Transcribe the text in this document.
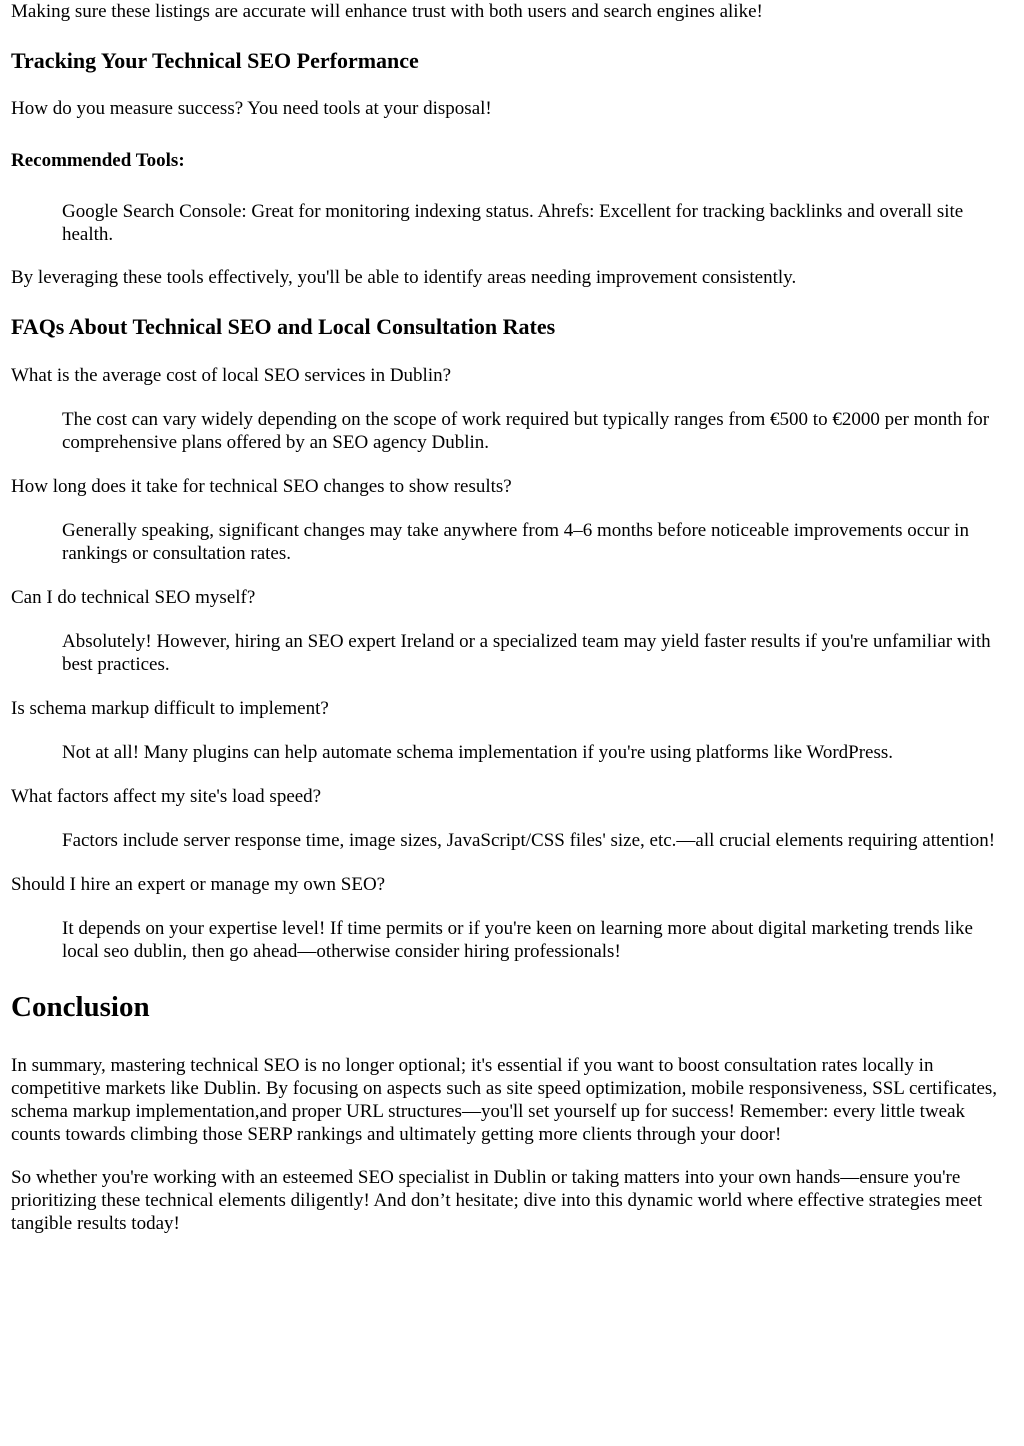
Making sure these listings are accurate will enhance trust with both users and search engines alike!

Tracking Your Technical SEO Performance

How do you measure success? You need tools at your disposal!

Recommended Tools:

Google Search Console: Great for monitoring indexing status. Ahrefs: Excellent for tracking backlinks and overall site health.

By leveraging these tools effectively, you'll be able to identify areas needing improvement consistently.

FAQs About Technical SEO and Local Consultation Rates

What is the average cost of local SEO services in Dublin?

The cost can vary widely depending on the scope of work required but typically ranges from €500 to €2000 per month for comprehensive plans offered by an SEO agency Dublin.

How long does it take for technical SEO changes to show results?

Generally speaking, significant changes may take anywhere from 4–6 months before noticeable improvements occur in rankings or consultation rates.

Can I do technical SEO myself?

Absolutely! However, hiring an SEO expert Ireland or a specialized team may yield faster results if you're unfamiliar with best practices.

Is schema markup difficult to implement?

Not at all! Many plugins can help automate schema implementation if you're using platforms like WordPress.

What factors affect my site's load speed?

Factors include server response time, image sizes, JavaScript/CSS files' size, etc.—all crucial elements requiring attention!

Should I hire an expert or manage my own SEO?

It depends on your expertise level! If time permits or if you're keen on learning more about digital marketing trends like local seo dublin, then go ahead—otherwise consider hiring professionals!

Conclusion

In summary, mastering technical SEO is no longer optional; it's essential if you want to boost consultation rates locally in competitive markets like Dublin. By focusing on aspects such as site speed optimization, mobile responsiveness, SSL certificates, schema markup implementation,and proper URL structures—you'll set yourself up for success! Remember: every little tweak counts towards climbing those SERP rankings and ultimately getting more clients through your door!

So whether you're working with an esteemed SEO specialist in Dublin or taking matters into your own hands—ensure you're prioritizing these technical elements diligently! And don’t hesitate; dive into this dynamic world where effective strategies meet tangible results today!
